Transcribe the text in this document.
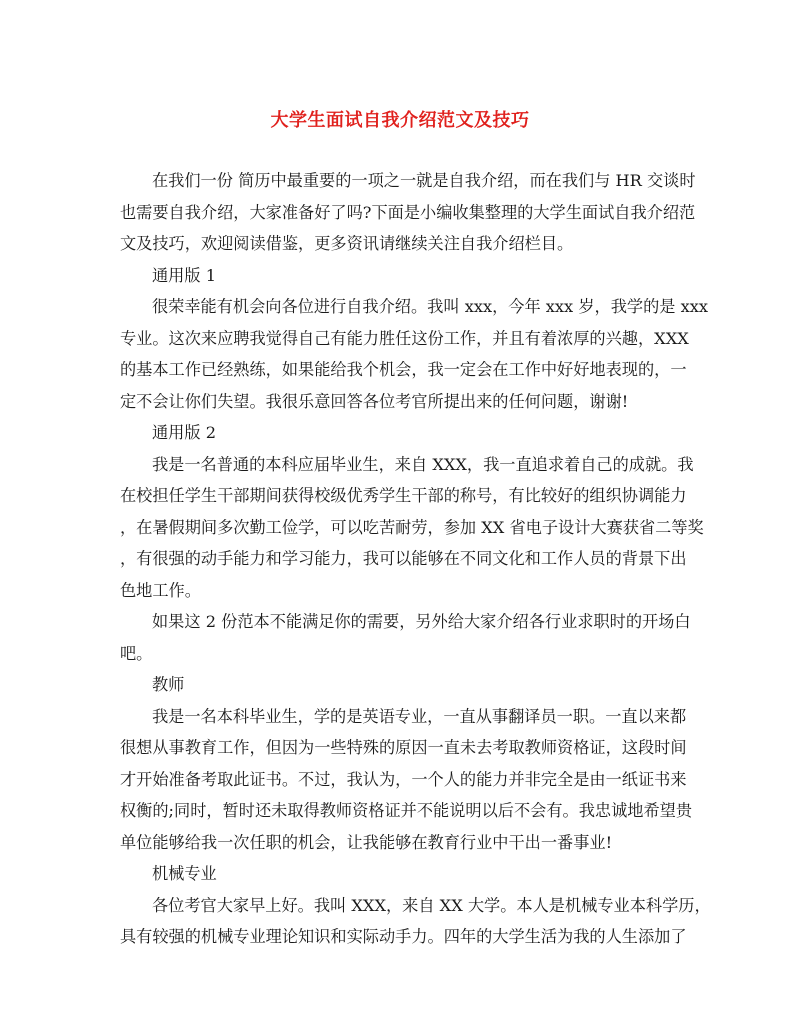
大学生面试自我介绍范文及技巧
在我们一份 简历中最重要的一项之一就是自我介绍，而在我们与 HR 交谈时
也需要自我介绍，大家准备好了吗?下面是小编收集整理的大学生面试自我介绍范
文及技巧，欢迎阅读借鉴，更多资讯请继续关注自我介绍栏目。
通用版 1
很荣幸能有机会向各位进行自我介绍。我叫 xxx，今年 xxx 岁，我学的是 xxx
专业。这次来应聘我觉得自己有能力胜任这份工作，并且有着浓厚的兴趣，XXX
的基本工作已经熟练，如果能给我个机会，我一定会在工作中好好地表现的，一
定不会让你们失望。我很乐意回答各位考官所提出来的任何问题，谢谢!
通用版 2
我是一名普通的本科应届毕业生，来自 XXX，我一直追求着自己的成就。我
在校担任学生干部期间获得校级优秀学生干部的称号，有比较好的组织协调能力
，在暑假期间多次勤工俭学，可以吃苦耐劳，参加 XX 省电子设计大赛获省二等奖
，有很强的动手能力和学习能力，我可以能够在不同文化和工作人员的背景下出
色地工作。
如果这 2 份范本不能满足你的需要，另外给大家介绍各行业求职时的开场白
吧。
教师
我是一名本科毕业生，学的是英语专业，一直从事翻译员一职。一直以来都
很想从事教育工作，但因为一些特殊的原因一直未去考取教师资格证，这段时间
才开始准备考取此证书。不过，我认为，一个人的能力并非完全是由一纸证书来
权衡的;同时，暂时还未取得教师资格证并不能说明以后不会有。我忠诚地希望贵
单位能够给我一次任职的机会，让我能够在教育行业中干出一番事业!
机械专业
各位考官大家早上好。我叫 XXX，来自 XX 大学。本人是机械专业本科学历，
具有较强的机械专业理论知识和实际动手力。四年的大学生活为我的人生添加了
